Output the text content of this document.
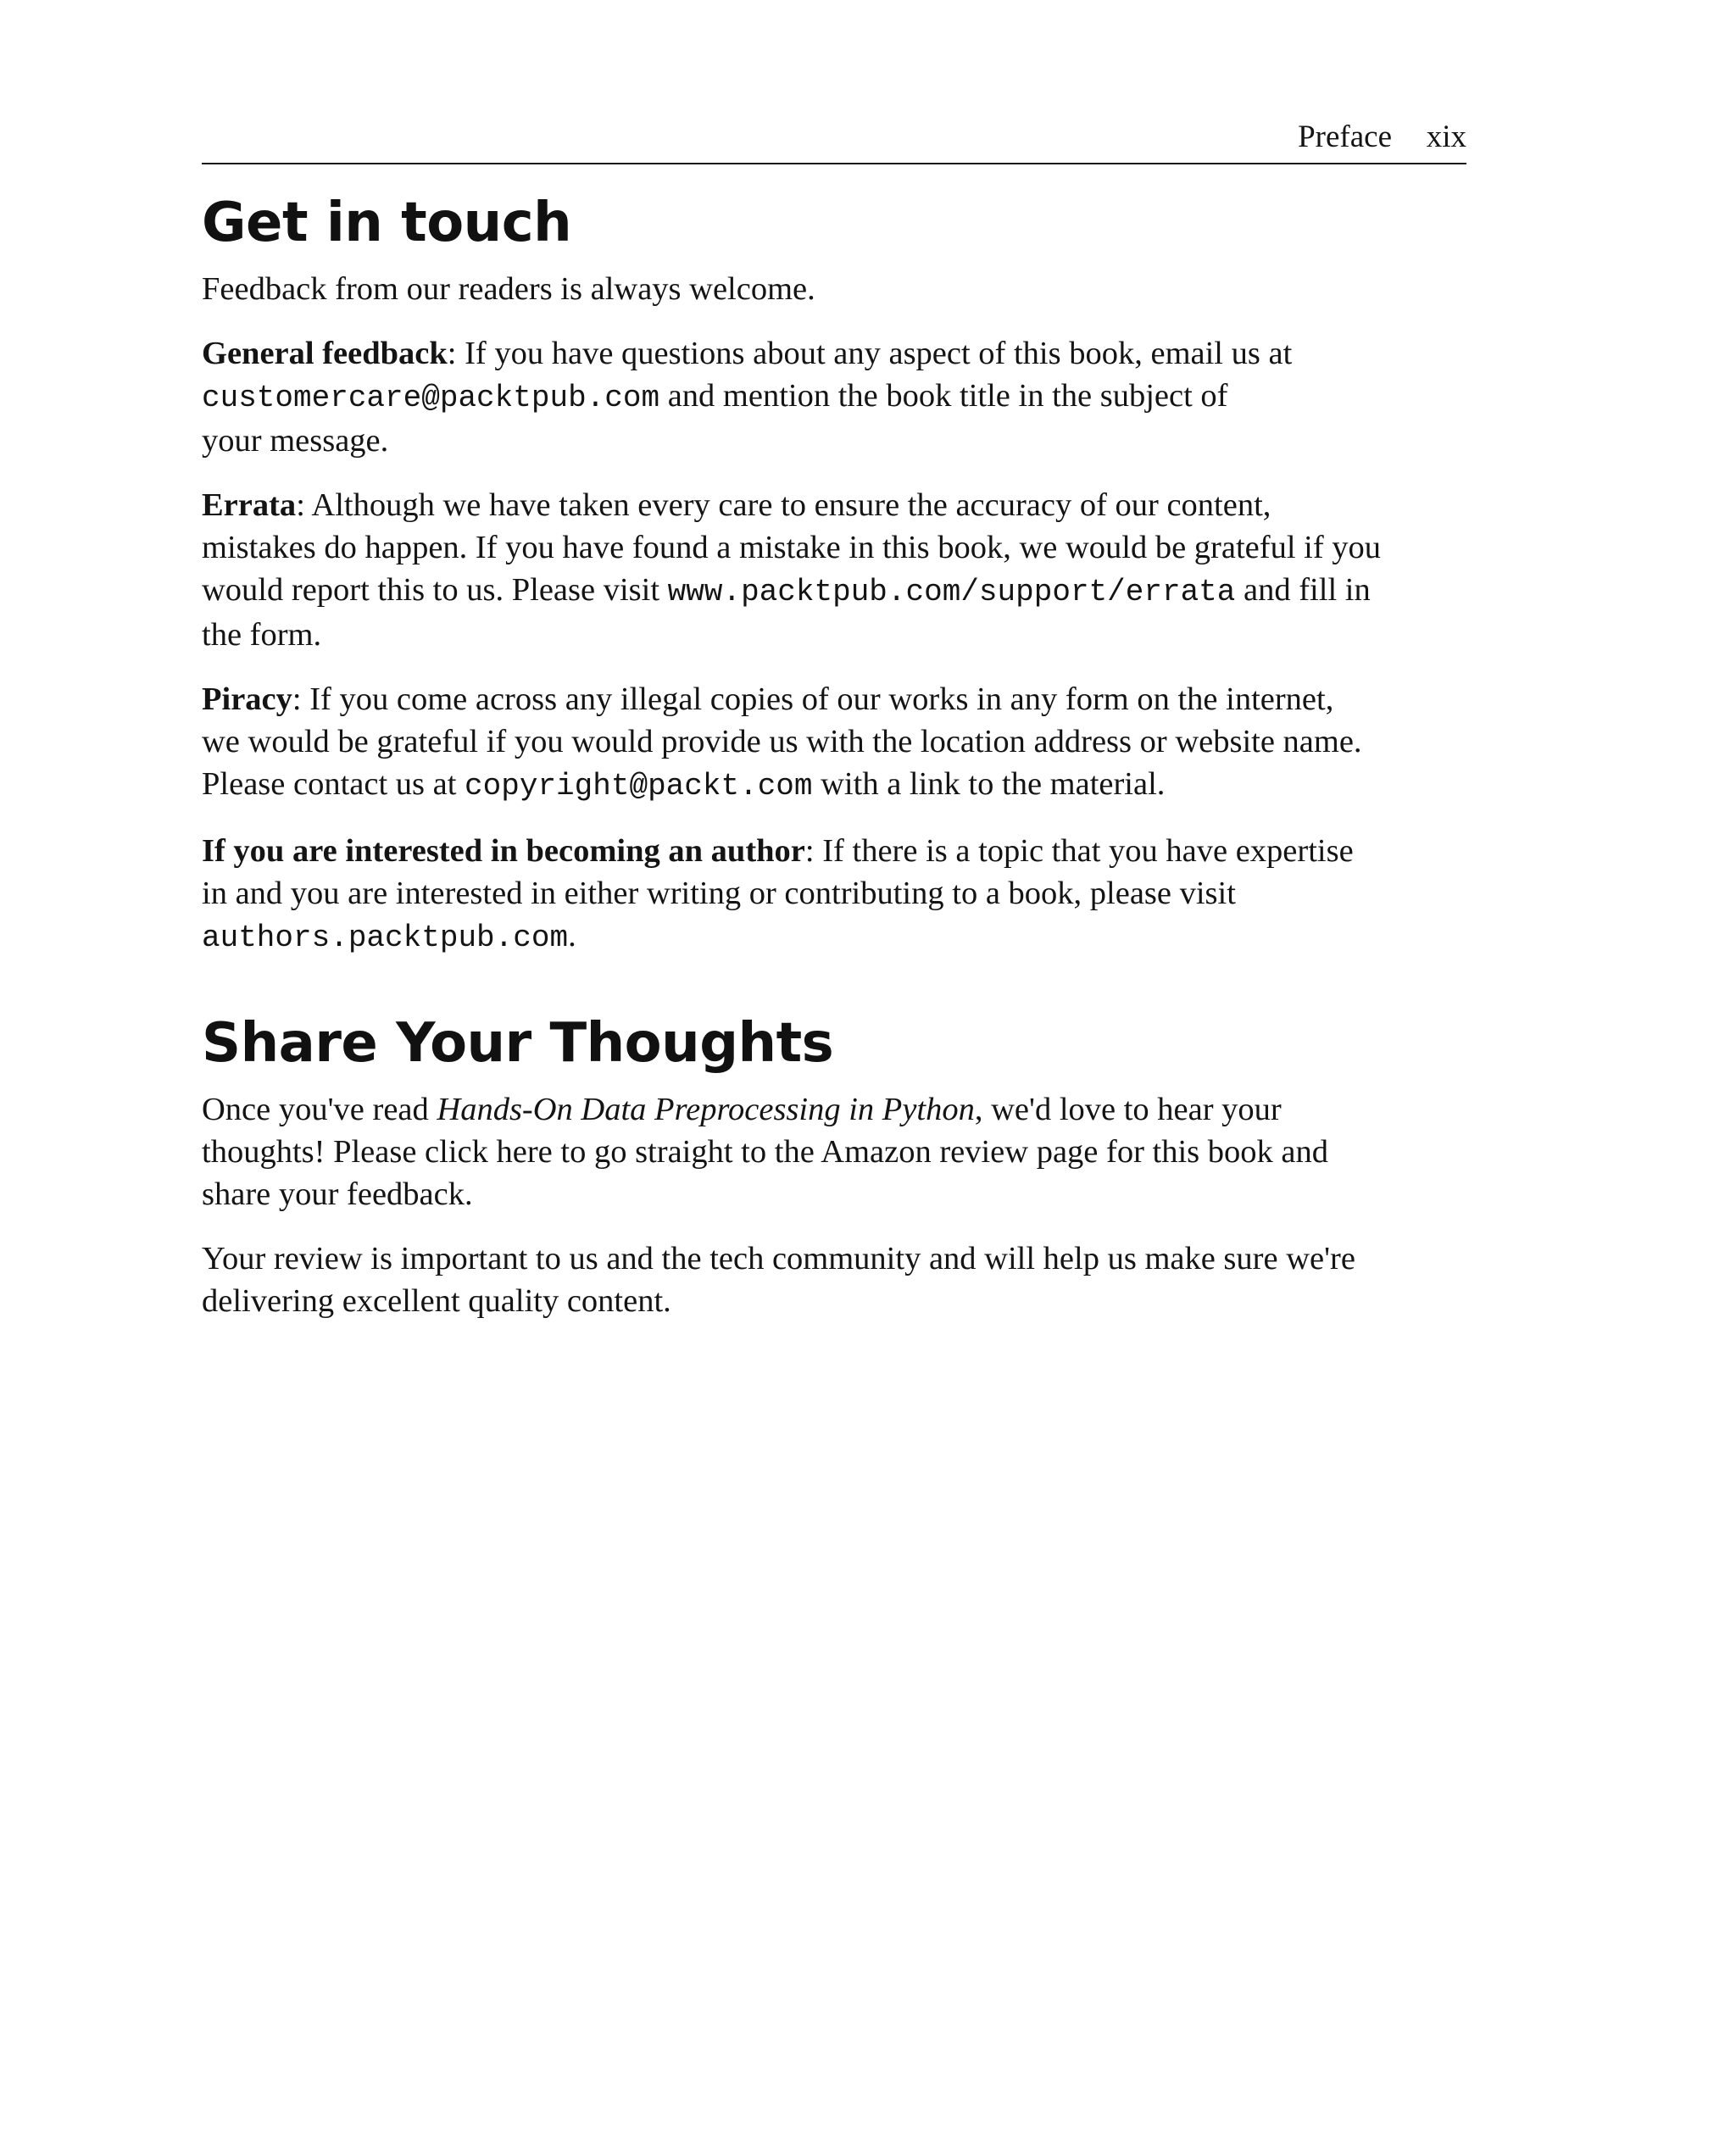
Preface xix
Get in touch

Feedback from our readers is always welcome.

General feedback: If you have questions about any aspect of this book, email us at
customercare@packtpub.com and mention the book title in the subject of
your message.

Errata: Although we have taken every care to ensure the accuracy of our content,
mistakes do happen. If you have found a mistake in this book, we would be grateful if you
would report this to us. Please visit www.packtpub.com/support/errata and fill in
the form.

Piracy: If you come across any illegal copies of our works in any form on the internet,
we would be grateful if you would provide us with the location address or website name.
Please contact us at copyright@packt.com with a link to the material.

If you are interested in becoming an author: If there is a topic that you have expertise
in and you are interested in either writing or contributing to a book, please visit
authors.packtpub.com.

Share Your Thoughts

Once you've read Hands-On Data Preprocessing in Python, we'd love to hear your
thoughts! Please click here to go straight to the Amazon review page for this book and
share your feedback.

Your review is important to us and the tech community and will help us make sure we're
delivering excellent quality content.
